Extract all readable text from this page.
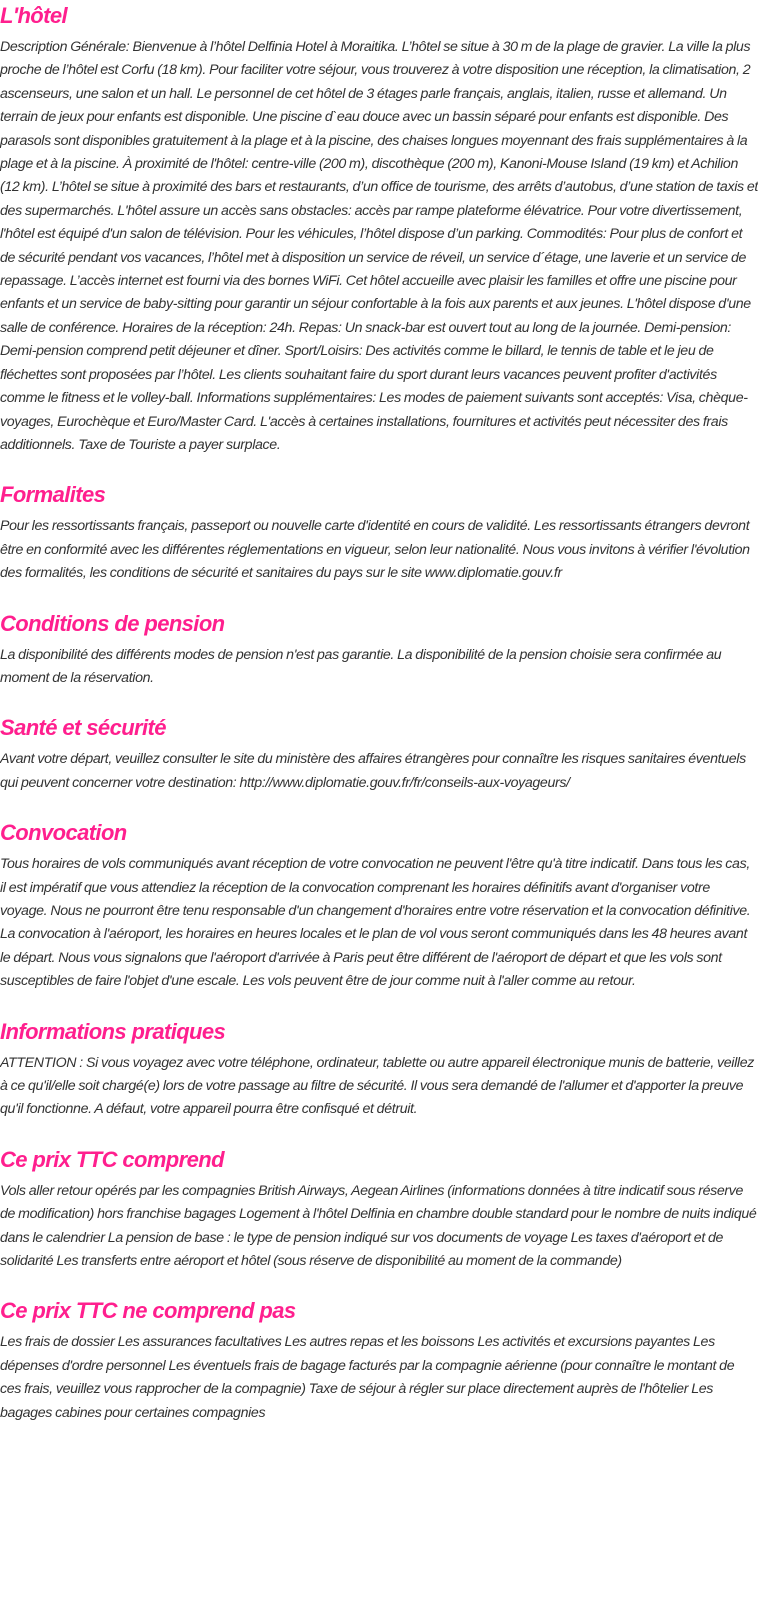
L'hôtel

Description Générale: Bienvenue à l’hôtel Delfinia Hotel à Moraitika. L’hôtel se situe à 30 m de la plage de gravier. La ville la plus proche de l’hôtel est Corfu (18 km). Pour faciliter votre séjour, vous trouverez à votre disposition une réception, la climatisation, 2 ascenseurs, une salon et un hall. Le personnel de cet hôtel de 3 étages parle français, anglais, italien, russe et allemand. Un terrain de jeux pour enfants est disponible. Une piscine d`eau douce avec un bassin séparé pour enfants est disponible. Des parasols sont disponibles gratuitement à la plage et à la piscine, des chaises longues moyennant des frais supplémentaires à la plage et à la piscine. À proximité de l'hôtel: centre-ville (200 m), discothèque (200 m), Kanoni-Mouse Island (19 km) et Achilion (12 km). L’hôtel se situe à proximité des bars et restaurants, d’un office de tourisme, des arrêts d’autobus, d’une station de taxis et des supermarchés. L'hôtel assure un accès sans obstacles: accès par rampe plateforme élévatrice. Pour votre divertissement, l'hôtel est équipé d'un salon de télévision. Pour les véhicules, l’hôtel dispose d’un parking. Commodités: Pour plus de confort et de sécurité pendant vos vacances, l’hôtel met à disposition un service de réveil, un service d´étage, une laverie et un service de repassage. L’accès internet est fourni via des bornes WiFi. Cet hôtel accueille avec plaisir les familles et offre une piscine pour enfants et un service de baby-sitting pour garantir un séjour confortable à la fois aux parents et aux jeunes. L'hôtel dispose d'une salle de conférence. Horaires de la réception: 24h. Repas: Un snack-bar est ouvert tout au long de la journée. Demi-pension: Demi-pension comprend petit déjeuner et dîner. Sport/Loisirs: Des activités comme le billard, le tennis de table et le jeu de fléchettes sont proposées par l’hôtel. Les clients souhaitant faire du sport durant leurs vacances peuvent profiter d'activités comme le fitness et le volley-ball. Informations supplémentaires: Les modes de paiement suivants sont acceptés: Visa, chèque-voyages, Eurochèque et Euro/Master Card. L'accès à certaines installations, fournitures et activités peut nécessiter des frais additionnels. Taxe de Touriste a payer surplace.

Formalites

Pour les ressortissants français, passeport ou nouvelle carte d'identité en cours de validité. Les ressortissants étrangers devront être en conformité avec les différentes réglementations en vigueur, selon leur nationalité. Nous vous invitons à vérifier l'évolution des formalités, les conditions de sécurité et sanitaires du pays sur le site www.diplomatie.gouv.fr

Conditions de pension

La disponibilité des différents modes de pension n'est pas garantie. La disponibilité de la pension choisie sera confirmée au moment de la réservation.

Santé et sécurité

Avant votre départ, veuillez consulter le site du ministère des affaires étrangères pour connaître les risques sanitaires éventuels qui peuvent concerner votre destination: http://www.diplomatie.gouv.fr/fr/conseils-aux-voyageurs/

Convocation

Tous horaires de vols communiqués avant réception de votre convocation ne peuvent l'être qu'à titre indicatif. Dans tous les cas, il est impératif que vous attendiez la réception de la convocation comprenant les horaires définitifs avant d'organiser votre voyage. Nous ne pourront être tenu responsable d'un changement d'horaires entre votre réservation et la convocation définitive. La convocation à l'aéroport, les horaires en heures locales et le plan de vol vous seront communiqués dans les 48 heures avant le départ. Nous vous signalons que l'aéroport d'arrivée à Paris peut être différent de l'aéroport de départ et que les vols sont susceptibles de faire l'objet d'une escale. Les vols peuvent être de jour comme nuit à l'aller comme au retour.

Informations pratiques

ATTENTION : Si vous voyagez avec votre téléphone, ordinateur, tablette ou autre appareil électronique munis de batterie, veillez à ce qu'il/elle soit chargé(e) lors de votre passage au filtre de sécurité. Il vous sera demandé de l'allumer et d'apporter la preuve qu'il fonctionne. A défaut, votre appareil pourra être confisqué et détruit.

Ce prix TTC comprend

Vols aller retour opérés par les compagnies British Airways, Aegean Airlines (informations données à titre indicatif sous réserve de modification) hors franchise bagages Logement à l'hôtel Delfinia en chambre double standard pour le nombre de nuits indiqué dans le calendrier La pension de base : le type de pension indiqué sur vos documents de voyage Les taxes d'aéroport et de solidarité Les transferts entre aéroport et hôtel (sous réserve de disponibilité au moment de la commande)

Ce prix TTC ne comprend pas

Les frais de dossier Les assurances facultatives Les autres repas et les boissons Les activités et excursions payantes Les dépenses d'ordre personnel Les éventuels frais de bagage facturés par la compagnie aérienne (pour connaître le montant de ces frais, veuillez vous rapprocher de la compagnie) Taxe de séjour à régler sur place directement auprès de l'hôtelier Les bagages cabines pour certaines compagnies
